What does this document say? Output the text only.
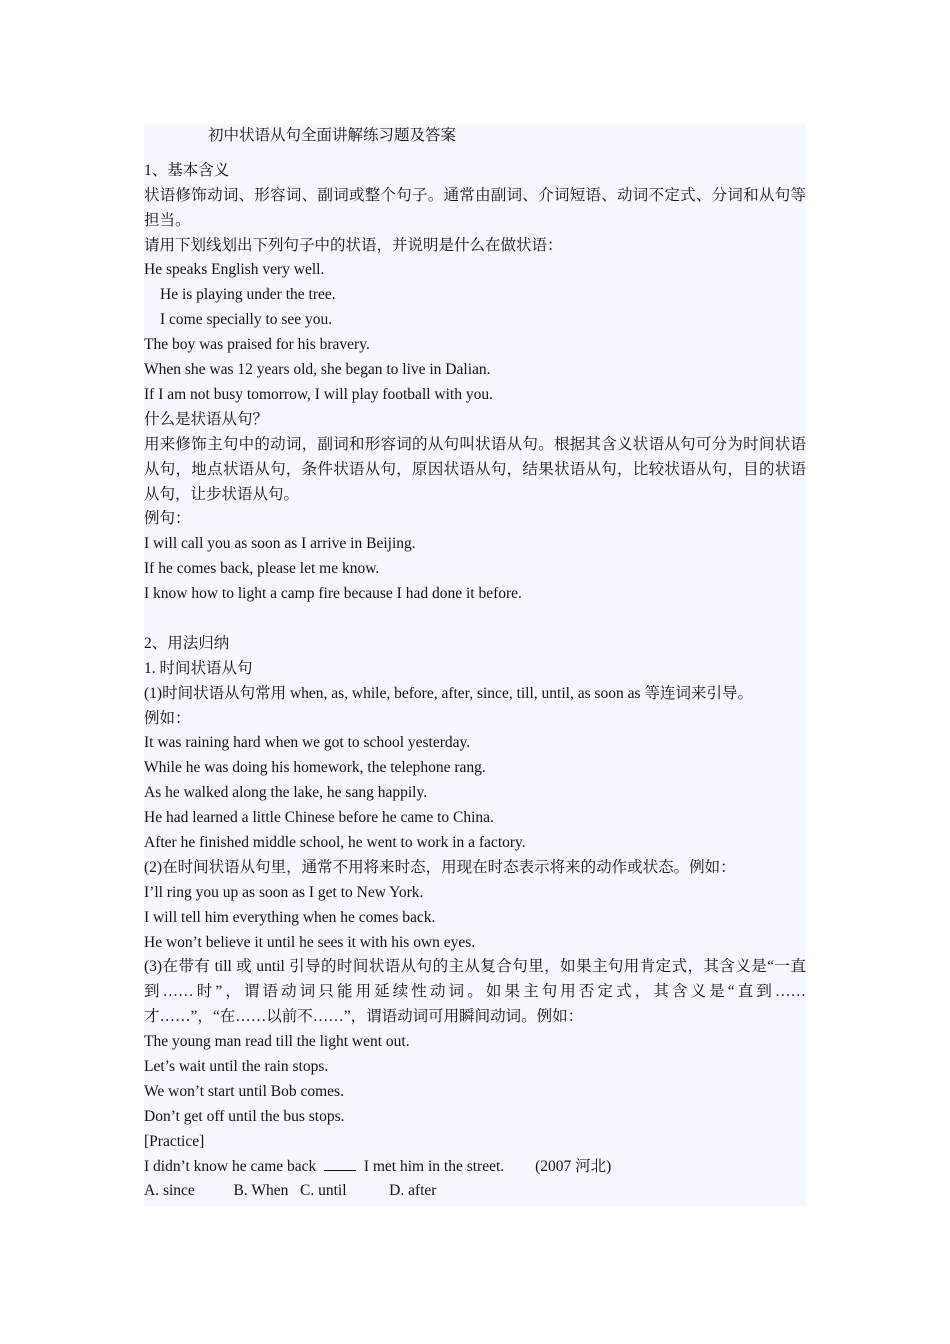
初中状语从句全面讲解练习题及答案
1、基本含义
状语修饰动词、形容词、副词或整个句子。通常由副词、介词短语、动词不定式、分词和从句等担当。
请用下划线划出下列句子中的状语，并说明是什么在做状语：
He speaks English very well.
He is playing under the tree.
I come specially to see you.
The boy was praised for his bravery.
When she was 12 years old, she began to live in Dalian.
If I am not busy tomorrow, I will play football with you.
什么是状语从句？
用来修饰主句中的动词，副词和形容词的从句叫状语从句。根据其含义状语从句可分为时间状语从句，地点状语从句，条件状语从句，原因状语从句，结果状语从句，比较状语从句，目的状语从句，让步状语从句。
例句：
I will call you as soon as I arrive in Beijing.
If he comes back, please let me know.
I know how to light a camp fire because I had done it before.
2、用法归纳
1. 时间状语从句
(1)时间状语从句常用 when, as, while, before, after, since, till, until, as soon as 等连词来引导。
例如：
It was raining hard when we got to school yesterday.
While he was doing his homework, the telephone rang.
As he walked along the lake, he sang happily.
He had learned a little Chinese before he came to China.
After he finished middle school, he went to work in a factory.
(2)在时间状语从句里，通常不用将来时态，用现在时态表示将来的动作或状态。例如：
I’ll ring you up as soon as I get to New York.
I will tell him everything when he comes back.
He won’t believe it until he sees it with his own eyes.
(3)在带有 till 或 until 引导的时间状语从句的主从复合句里，如果主句用肯定式，其含义是“一直到……时”，谓语动词只能用延续性动词。如果主句用否定式，其含义是“直到……才……”，“在……以前不……”，谓语动词可用瞬间动词。例如：
The young man read till the light went out.
Let’s wait until the rain stops.
We won’t start until Bob comes.
Don’t get off until the bus stops.
[Practice]
I didn’t know he came back	I met him in the street. (2007 河北)
A. since	B. When C. until	D. after
